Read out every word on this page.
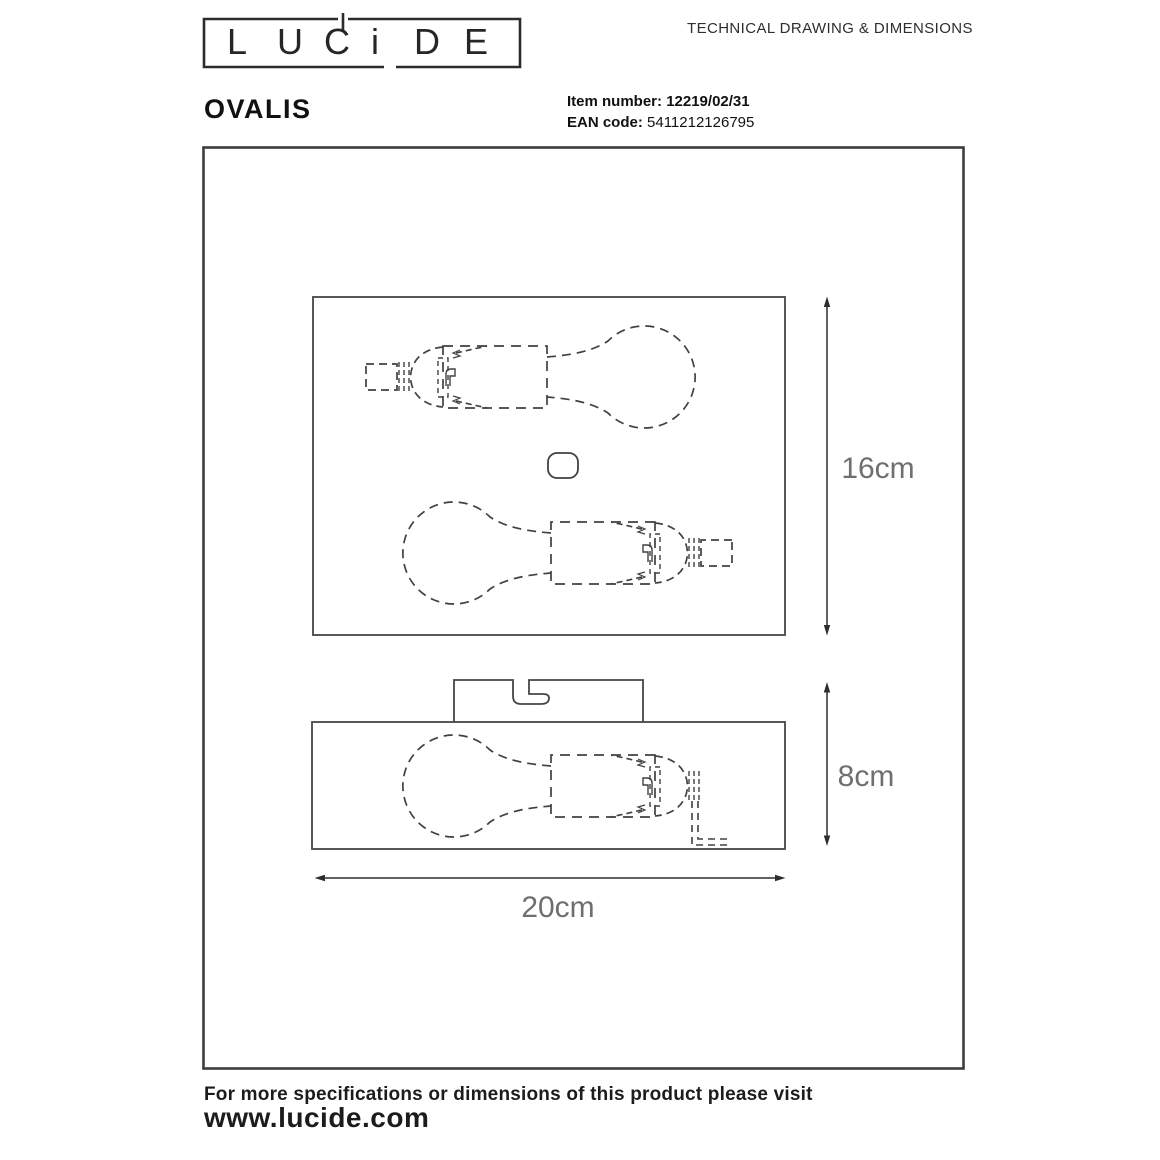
L U C i D E	TECHNICAL DRAWING & DIMENSIONS
OVALIS	Item number: 12219/02/31
EAN code: 5411212126795
16cm
8cm
20cm
For more specifications or dimensions of this product please visit
www.lucide.com
